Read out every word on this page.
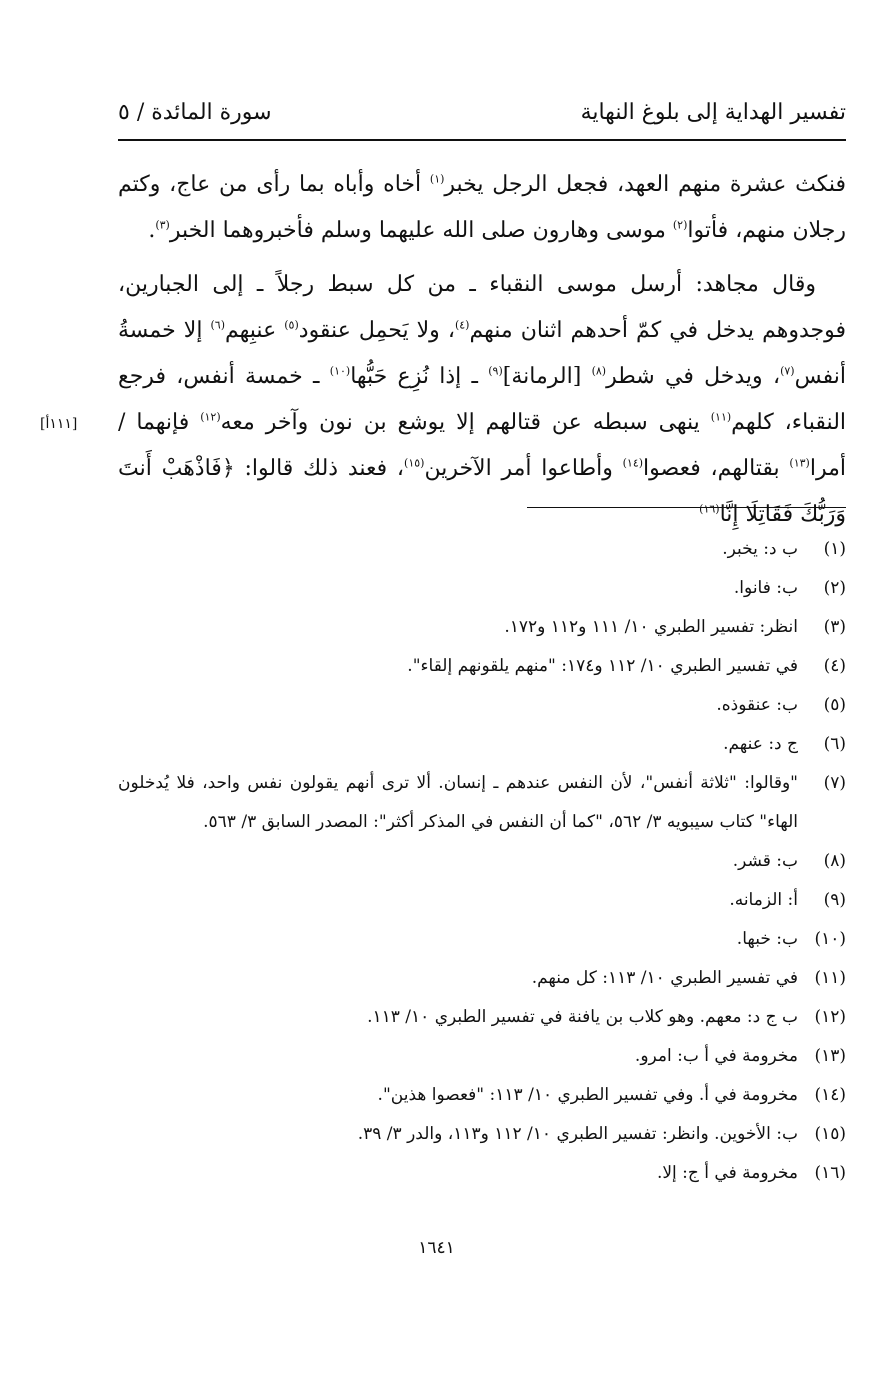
تفسير الهداية إلى بلوغ النهاية
سورة المائدة / ٥
[١١١أ]

فنكث عشرة منهم العهد، فجعل الرجل يخبر$^{(١)}$ أخاه وأباه بما رأى من عاج، وكتم رجلان منهم، فأتوا$^{(٢)}$ موسى وهارون صلى الله عليهما وسلم فأخبروهما الخبر$^{(٣)}$.

وقال مجاهد: أرسل موسى النقباء ـ من كل سبط رجلاً ـ إلى الجبارين، فوجدوهم يدخل في كمّ أحدهم اثنان منهم$^{(٤)}$، ولا يَحمِل عنقود$^{(٥)}$ عنبِهم$^{(٦)}$ إلا خمسةُ أنفس$^{(٧)}$، ويدخل في شطر$^{(٨)}$ [الرمانة]$^{(٩)}$ ـ إذا نُزِع حَبُّها$^{(١٠)}$ ـ خمسة أنفس، فرجع النقباء، كلهم$^{(١١)}$ ينهى سبطه عن قتالهم إلا يوشع بن نون وآخر معه$^{(١٢)}$ فإنهما / أمرا$^{(١٣)}$ بقتالهم، فعصوا$^{(١٤)}$ وأطاعوا أمر الآخرين$^{(١٥)}$، فعند ذلك قالوا: ﴿فَاذْهَبْ أَنتَ وَرَبُّكَ فَقَاتِلَا إِنَّا$^{(١٦)}$

(١)
ب د: يخبر.
(٢)
ب: فانوا.
(٣)
انظر: تفسير الطبري ١٠/ ١١١ و١١٢ و١٧٢.
(٤)
في تفسير الطبري ١٠/ ١١٢ و١٧٤: "منهم يلقونهم إلقاء".
(٥)
ب: عنقوذه.
(٦)
ج د: عنهم.
(٧)
"وقالوا: "ثلاثة أنفس"، لأن النفس عندهم ـ إنسان. ألا ترى أنهم يقولون نفس واحد، فلا يُدخلون الهاء" كتاب سيبويه ٣/ ٥٦٢، "كما أن النفس في المذكر أكثر": المصدر السابق ٣/ ٥٦٣.
(٨)
ب: قشر.
(٩)
أ: الزمانه.
(١٠)
ب: خبها.
(١١)
في تفسير الطبري ١٠/ ١١٣: كل منهم.
(١٢)
ب ج د: معهم. وهو كلاب بن يافنة في تفسير الطبري ١٠/ ١١٣.
(١٣)
مخرومة في أ ب: امرو.
(١٤)
مخرومة في أ. وفي تفسير الطبري ١٠/ ١١٣: "فعصوا هذين".
(١٥)
ب: الأخوين. وانظر: تفسير الطبري ١٠/ ١١٢ و١١٣، والدر ٣/ ٣٩.
(١٦)
مخرومة في أ ج: إلا.
١٦٤١
